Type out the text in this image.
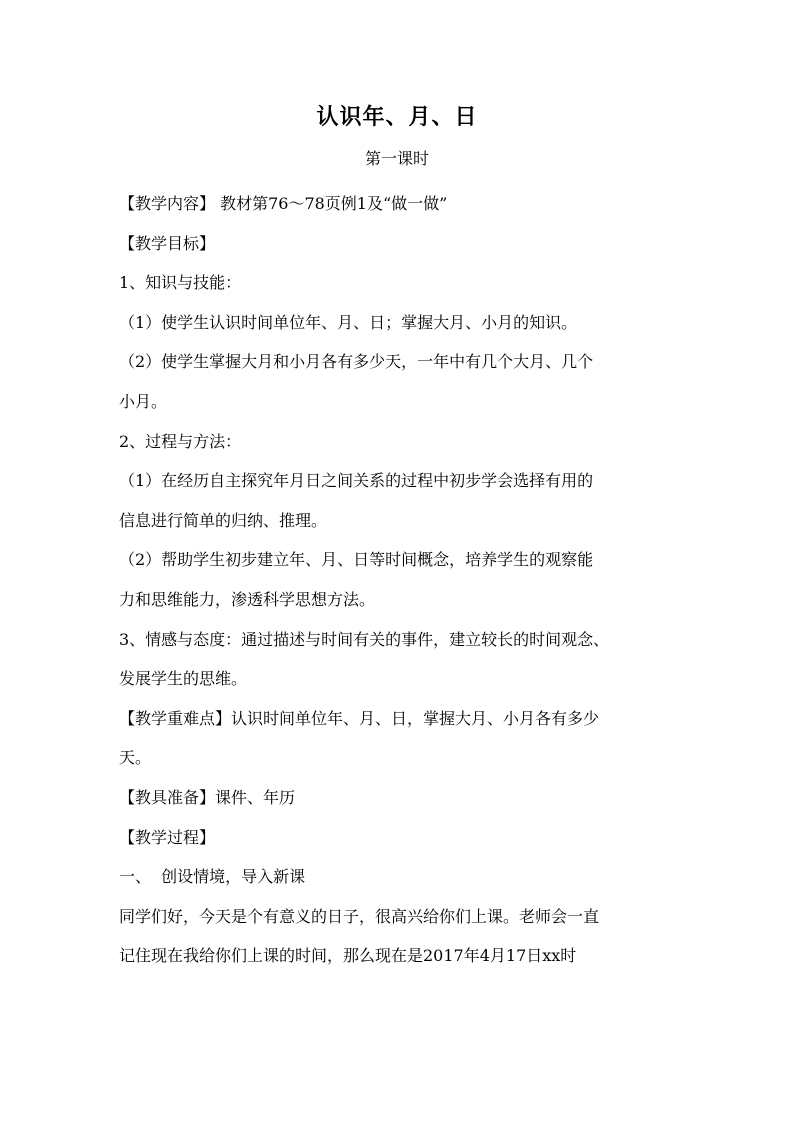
认识年、月、日
第一课时

【教学内容】 教材第76～78页例1及“做一做”

【教学目标】

1、知识与技能：

（1）使学生认识时间单位年、月、日；掌握大月、小月的知识。

（2）使学生掌握大月和小月各有多少天，一年中有几个大月、几个

小月。

2、过程与方法：

（1）在经历自主探究年月日之间关系的过程中初步学会选择有用的

信息进行简单的归纳、推理。

（2）帮助学生初步建立年、月、日等时间概念，培养学生的观察能

力和思维能力，渗透科学思想方法。

3、情感与态度：通过描述与时间有关的事件，建立较长的时间观念、

发展学生的思维。

【教学重难点】认识时间单位年、月、日，掌握大月、小月各有多少

天。

【教具准备】课件、年历

【教学过程】

一、  创设情境，导入新课

同学们好，今天是个有意义的日子，很高兴给你们上课。老师会一直

记住现在我给你们上课的时间，那么现在是2017年4月17日xx时
